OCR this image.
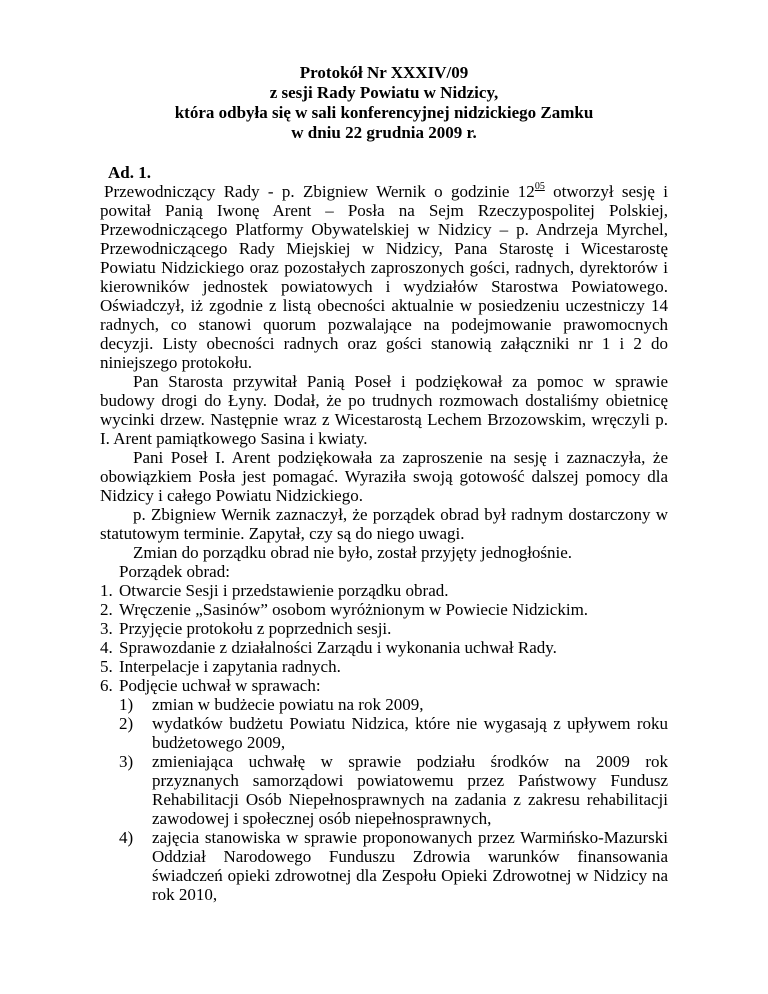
Protokół Nr XXXIV/09
z sesji Rady Powiatu w Nidzicy,
która odbyła się w sali konferencyjnej nidzickiego Zamku
w dniu 22 grudnia 2009 r.
Ad. 1.

Przewodniczący Rady - p. Zbigniew Wernik o godzinie $12^{05}$ otworzył sesję i powitał Panią Iwonę Arent – Posła na Sejm Rzeczypospolitej Polskiej, Przewodniczącego Platformy Obywatelskiej w Nidzicy – p. Andrzeja Myrchel, Przewodniczącego Rady Miejskiej w Nidzicy, Pana Starostę i Wicestarostę Powiatu Nidzickiego oraz pozostałych zaproszonych gości, radnych, dyrektorów i kierowników jednostek powiatowych i wydziałów Starostwa Powiatowego. Oświadczył, iż zgodnie z listą obecności aktualnie w posiedzeniu uczestniczy 14 radnych, co stanowi quorum pozwalające na podejmowanie prawomocnych decyzji. Listy obecności radnych oraz gości stanowią załączniki nr 1 i 2 do niniejszego protokołu.

Pan Starosta przywitał Panią Poseł i podziękował za pomoc w sprawie budowy drogi do Łyny. Dodał, że po trudnych rozmowach dostaliśmy obietnicę wycinki drzew. Następnie wraz z Wicestarostą Lechem Brzozowskim, wręczyli p. I. Arent pamiątkowego Sasina i kwiaty.

Pani Poseł I. Arent podziękowała za zaproszenie na sesję i zaznaczyła, że obowiązkiem Posła jest pomagać. Wyraziła swoją gotowość dalszej pomocy dla Nidzicy i całego Powiatu Nidzickiego.

p. Zbigniew Wernik zaznaczył, że porządek obrad był radnym dostarczony w statutowym terminie. Zapytał, czy są do niego uwagi.

Zmian do porządku obrad nie było, został przyjęty jednogłośnie.

Porządek obrad:
1. Otwarcie Sesji i przedstawienie porządku obrad.
2. Wręczenie „Sasinów” osobom wyróżnionym w Powiecie Nidzickim.
3. Przyjęcie protokołu z poprzednich sesji.
4. Sprawozdanie z działalności Zarządu i wykonania uchwał Rady.
5. Interpelacje i zapytania radnych.
6. Podjęcie uchwał w sprawach:
1)	zmian w budżecie powiatu na rok 2009,
2)	wydatków budżetu Powiatu Nidzica, które nie wygasają z upływem roku budżetowego 2009,
3)	zmieniająca uchwałę w sprawie podziału środków na 2009 rok przyznanych samorządowi powiatowemu przez Państwowy Fundusz Rehabilitacji Osób Niepełnosprawnych na zadania z zakresu rehabilitacji zawodowej i społecznej osób niepełnosprawnych,
4)	zajęcia stanowiska w sprawie proponowanych przez Warmińsko-Mazurski Oddział Narodowego Funduszu Zdrowia warunków finansowania świadczeń opieki zdrowotnej dla Zespołu Opieki Zdrowotnej w Nidzicy na rok 2010,
